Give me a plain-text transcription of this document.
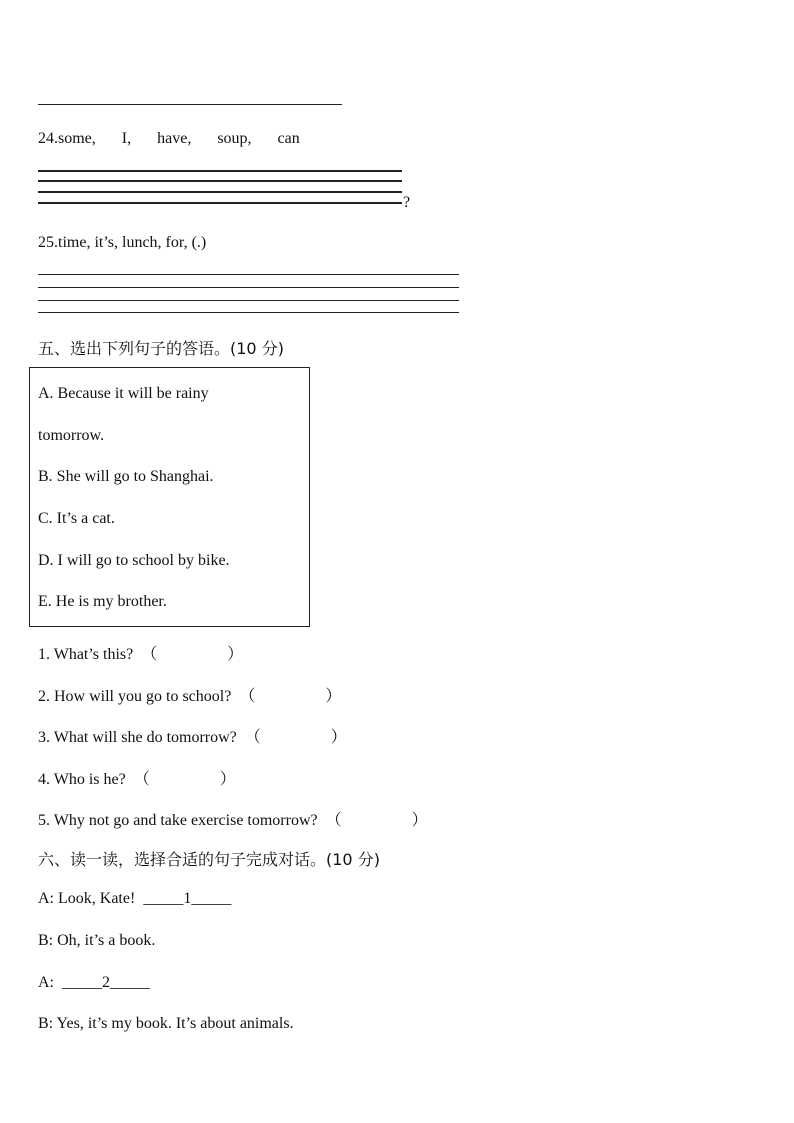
24.some, I, have, soup, can
?
25.time, it’s, lunch, for, (.)
五、选出下列句子的答语。(10 分)
A. Because it will be rainy
tomorrow.
B. She will go to Shanghai.
C. It’s a cat.
D. I will go to school by bike.
E. He is my brother.
1. What’s this? （	）
2. How will you go to school? （	）
3. What will she do tomorrow? （	）
4. Who is he? （	）
5. Why not go and take exercise tomorrow? （	）
六、读一读，选择合适的句子完成对话。(10 分)
A: Look, Kate! _____1_____
B: Oh, it’s a book.
A: _____2_____
B: Yes, it’s my book. It’s about animals.
